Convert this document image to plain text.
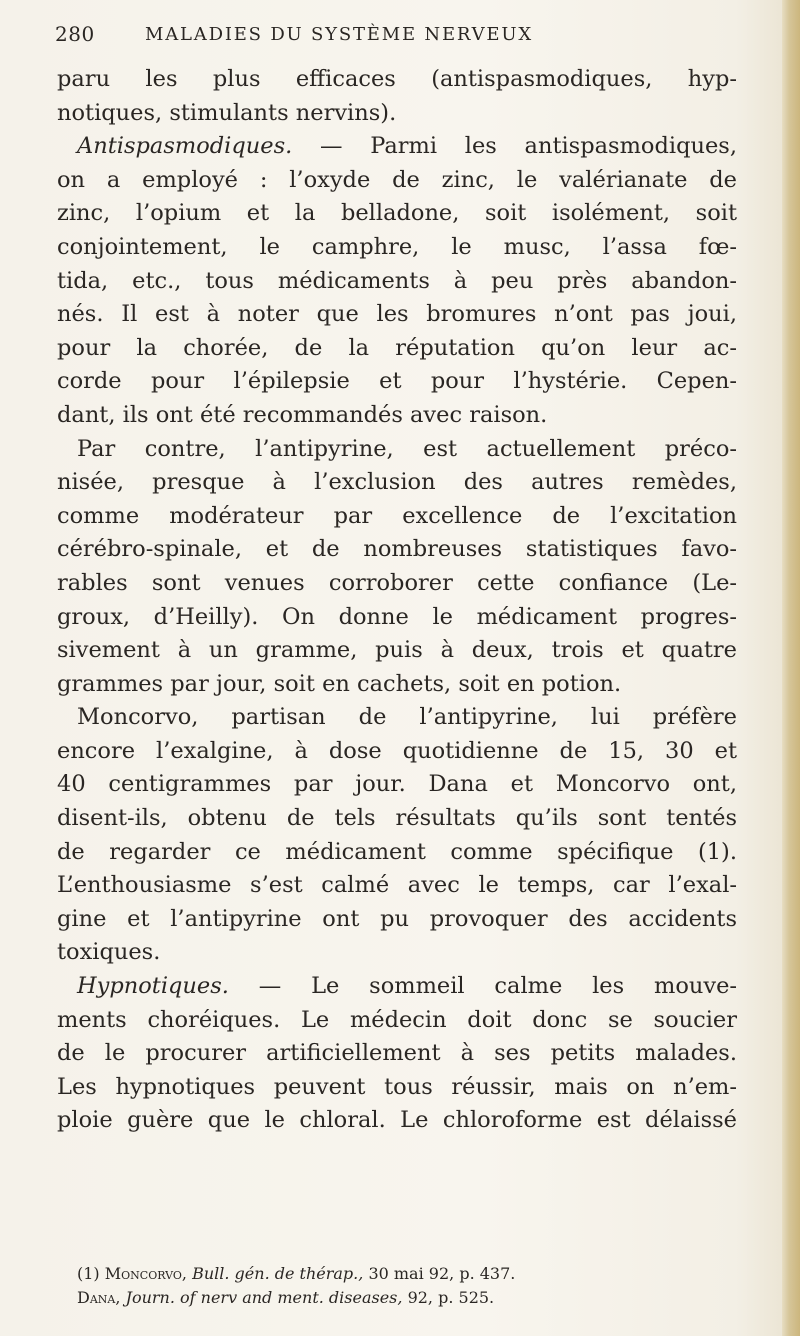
280	MALADIES DU SYSTÈME NERVEUX
paru les plus efficaces (antispasmodiques, hyp-
notiques, stimulants nervins).
Antispasmodiques. — Parmi les antispasmodiques,
on a employé : l’oxyde de zinc, le valérianate de
zinc, l’opium et la belladone, soit isolément, soit
conjointement, le camphre, le musc, l’assa fœ-
tida, etc., tous médicaments à peu près abandon-
nés. Il est à noter que les bromures n’ont pas joui,
pour la chorée, de la réputation qu’on leur ac-
corde pour l’épilepsie et pour l’hystérie. Cepen-
dant, ils ont été recommandés avec raison.
Par contre, l’antipyrine, est actuellement préco-
nisée, presque à l’exclusion des autres remèdes,
comme modérateur par excellence de l’excitation
cérébro-spinale, et de nombreuses statistiques favo-
rables sont venues corroborer cette confiance (Le-
groux, d’Heilly). On donne le médicament progres-
sivement à un gramme, puis à deux, trois et quatre
grammes par jour, soit en cachets, soit en potion.
Moncorvo, partisan de l’antipyrine, lui préfère
encore l’exalgine, à dose quotidienne de 15, 30 et
40 centigrammes par jour. Dana et Moncorvo ont,
disent-ils, obtenu de tels résultats qu’ils sont tentés
de regarder ce médicament comme spécifique (1).
L’enthousiasme s’est calmé avec le temps, car l’exal-
gine et l’antipyrine ont pu provoquer des accidents
toxiques.
Hypnotiques. — Le sommeil calme les mouve-
ments choréiques. Le médecin doit donc se soucier
de le procurer artificiellement à ses petits malades.
Les hypnotiques peuvent tous réussir, mais on n’em-
ploie guère que le chloral. Le chloroforme est délaissé
(1) Moncorvo, Bull. gén. de thérap., 30 mai 92, p. 437.
Dana, Journ. of nerv and ment. diseases, 92, p. 525.
